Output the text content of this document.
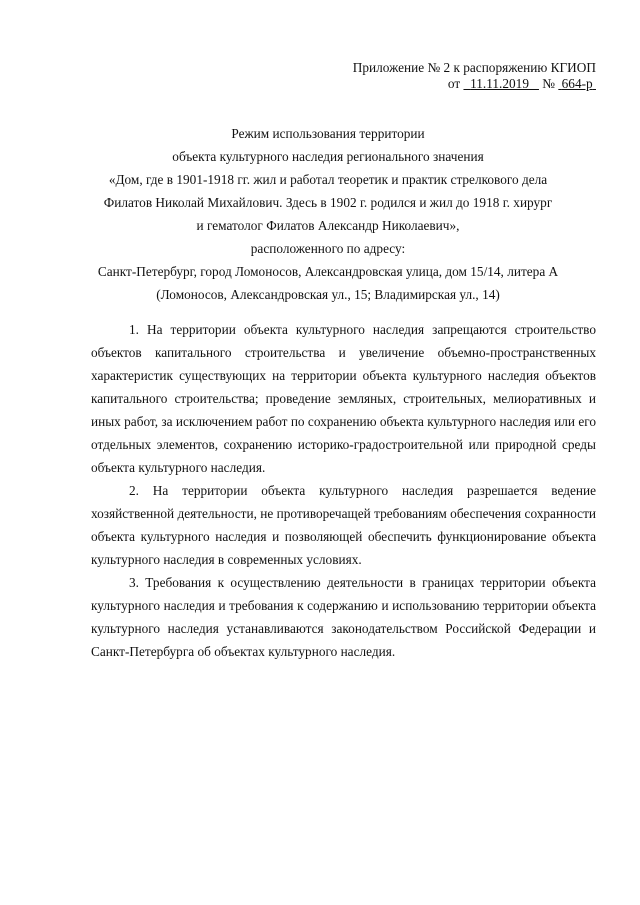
Приложение № 2 к распоряжению КГИОП
от 11.11.2019 № 664-р
Режим использования территории
объекта культурного наследия регионального значения
«Дом, где в 1901-1918 гг. жил и работал теоретик и практик стрелкового дела
Филатов Николай Михайлович. Здесь в 1902 г. родился и жил до 1918 г. хирург
и гематолог Филатов Александр Николаевич»,
расположенного по адресу:
Санкт-Петербург, город Ломоносов, Александровская улица, дом 15/14, литера А
(Ломоносов, Александровская ул., 15; Владимирская ул., 14)

1. На территории объекта культурного наследия запрещаются строительство объектов капитального строительства и увеличение объемно-пространственных характеристик существующих на территории объекта культурного наследия объектов капитального строительства; проведение земляных, строительных, мелиоративных и иных работ, за исключением работ по сохранению объекта культурного наследия или его отдельных элементов, сохранению историко-градостроительной или природной среды объекта культурного наследия.

2. На территории объекта культурного наследия разрешается ведение хозяйственной деятельности, не противоречащей требованиям обеспечения сохранности объекта культурного наследия и позволяющей обеспечить функционирование объекта культурного наследия в современных условиях.

3. Требования к осуществлению деятельности в границах территории объекта культурного наследия и требования к содержанию и использованию территории объекта культурного наследия устанавливаются законодательством Российской Федерации и Санкт-Петербурга об объектах культурного наследия.
